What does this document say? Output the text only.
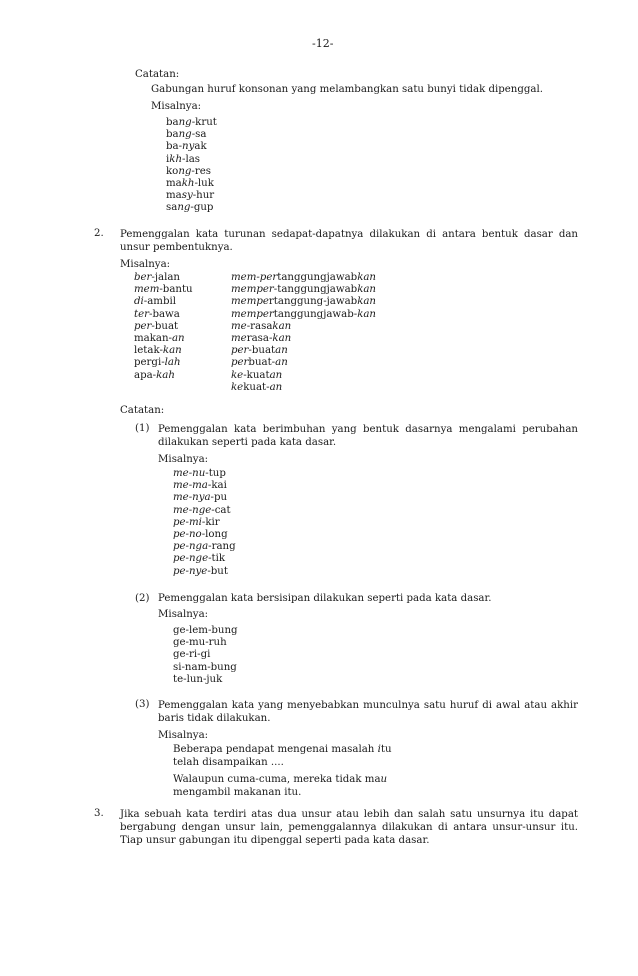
-12-
Catatan:
Gabungan huruf konsonan yang melambangkan satu bunyi tidak dipenggal.
Misalnya:
bang-krut
bang-sa
ba-nyak
ikh-las
kong-res
makh-luk
masy-hur
sang-gup
2. Pemenggalan kata turunan sedapat-dapatnya dilakukan di antara bentuk dasar dan unsur pembentuknya.
Misalnya:
ber-jalan
mem-bantu
di-ambil
ter-bawa
per-buat
makan-an
letak-kan
pergi-lah
apa-kah
mem-pertanggungjawabkan
memper-tanggungjawabkan
mempertanggung-jawabkan
mempertanggungjawab-kan
me-rasakan
merasa-kan
per-buatan
perbuat-an
ke-kuatan
kekuat-an
Catatan:
(1) Pemenggalan kata berimbuhan yang bentuk dasarnya mengalami perubahan dilakukan seperti pada kata dasar.
Misalnya:
me-nu-tup
me-ma-kai
me-nya-pu
me-nge-cat
pe-mi-kir
pe-no-long
pe-nga-rang
pe-nge-tik
pe-nye-but
(2) Pemenggalan kata bersisipan dilakukan seperti pada kata dasar.
Misalnya:
ge-lem-bung
ge-mu-ruh
ge-ri-gi
si-nam-bung
te-lun-juk
(3) Pemenggalan kata yang menyebabkan munculnya satu huruf di awal atau akhir baris tidak dilakukan.
Misalnya:
Beberapa pendapat mengenai masalah itu
telah disampaikan ....
Walaupun cuma-cuma, mereka tidak mau
mengambil makanan itu.
3. Jika sebuah kata terdiri atas dua unsur atau lebih dan salah satu unsurnya itu dapat bergabung dengan unsur lain, pemenggalannya dilakukan di antara unsur-unsur itu. Tiap unsur gabungan itu dipenggal seperti pada kata dasar.
